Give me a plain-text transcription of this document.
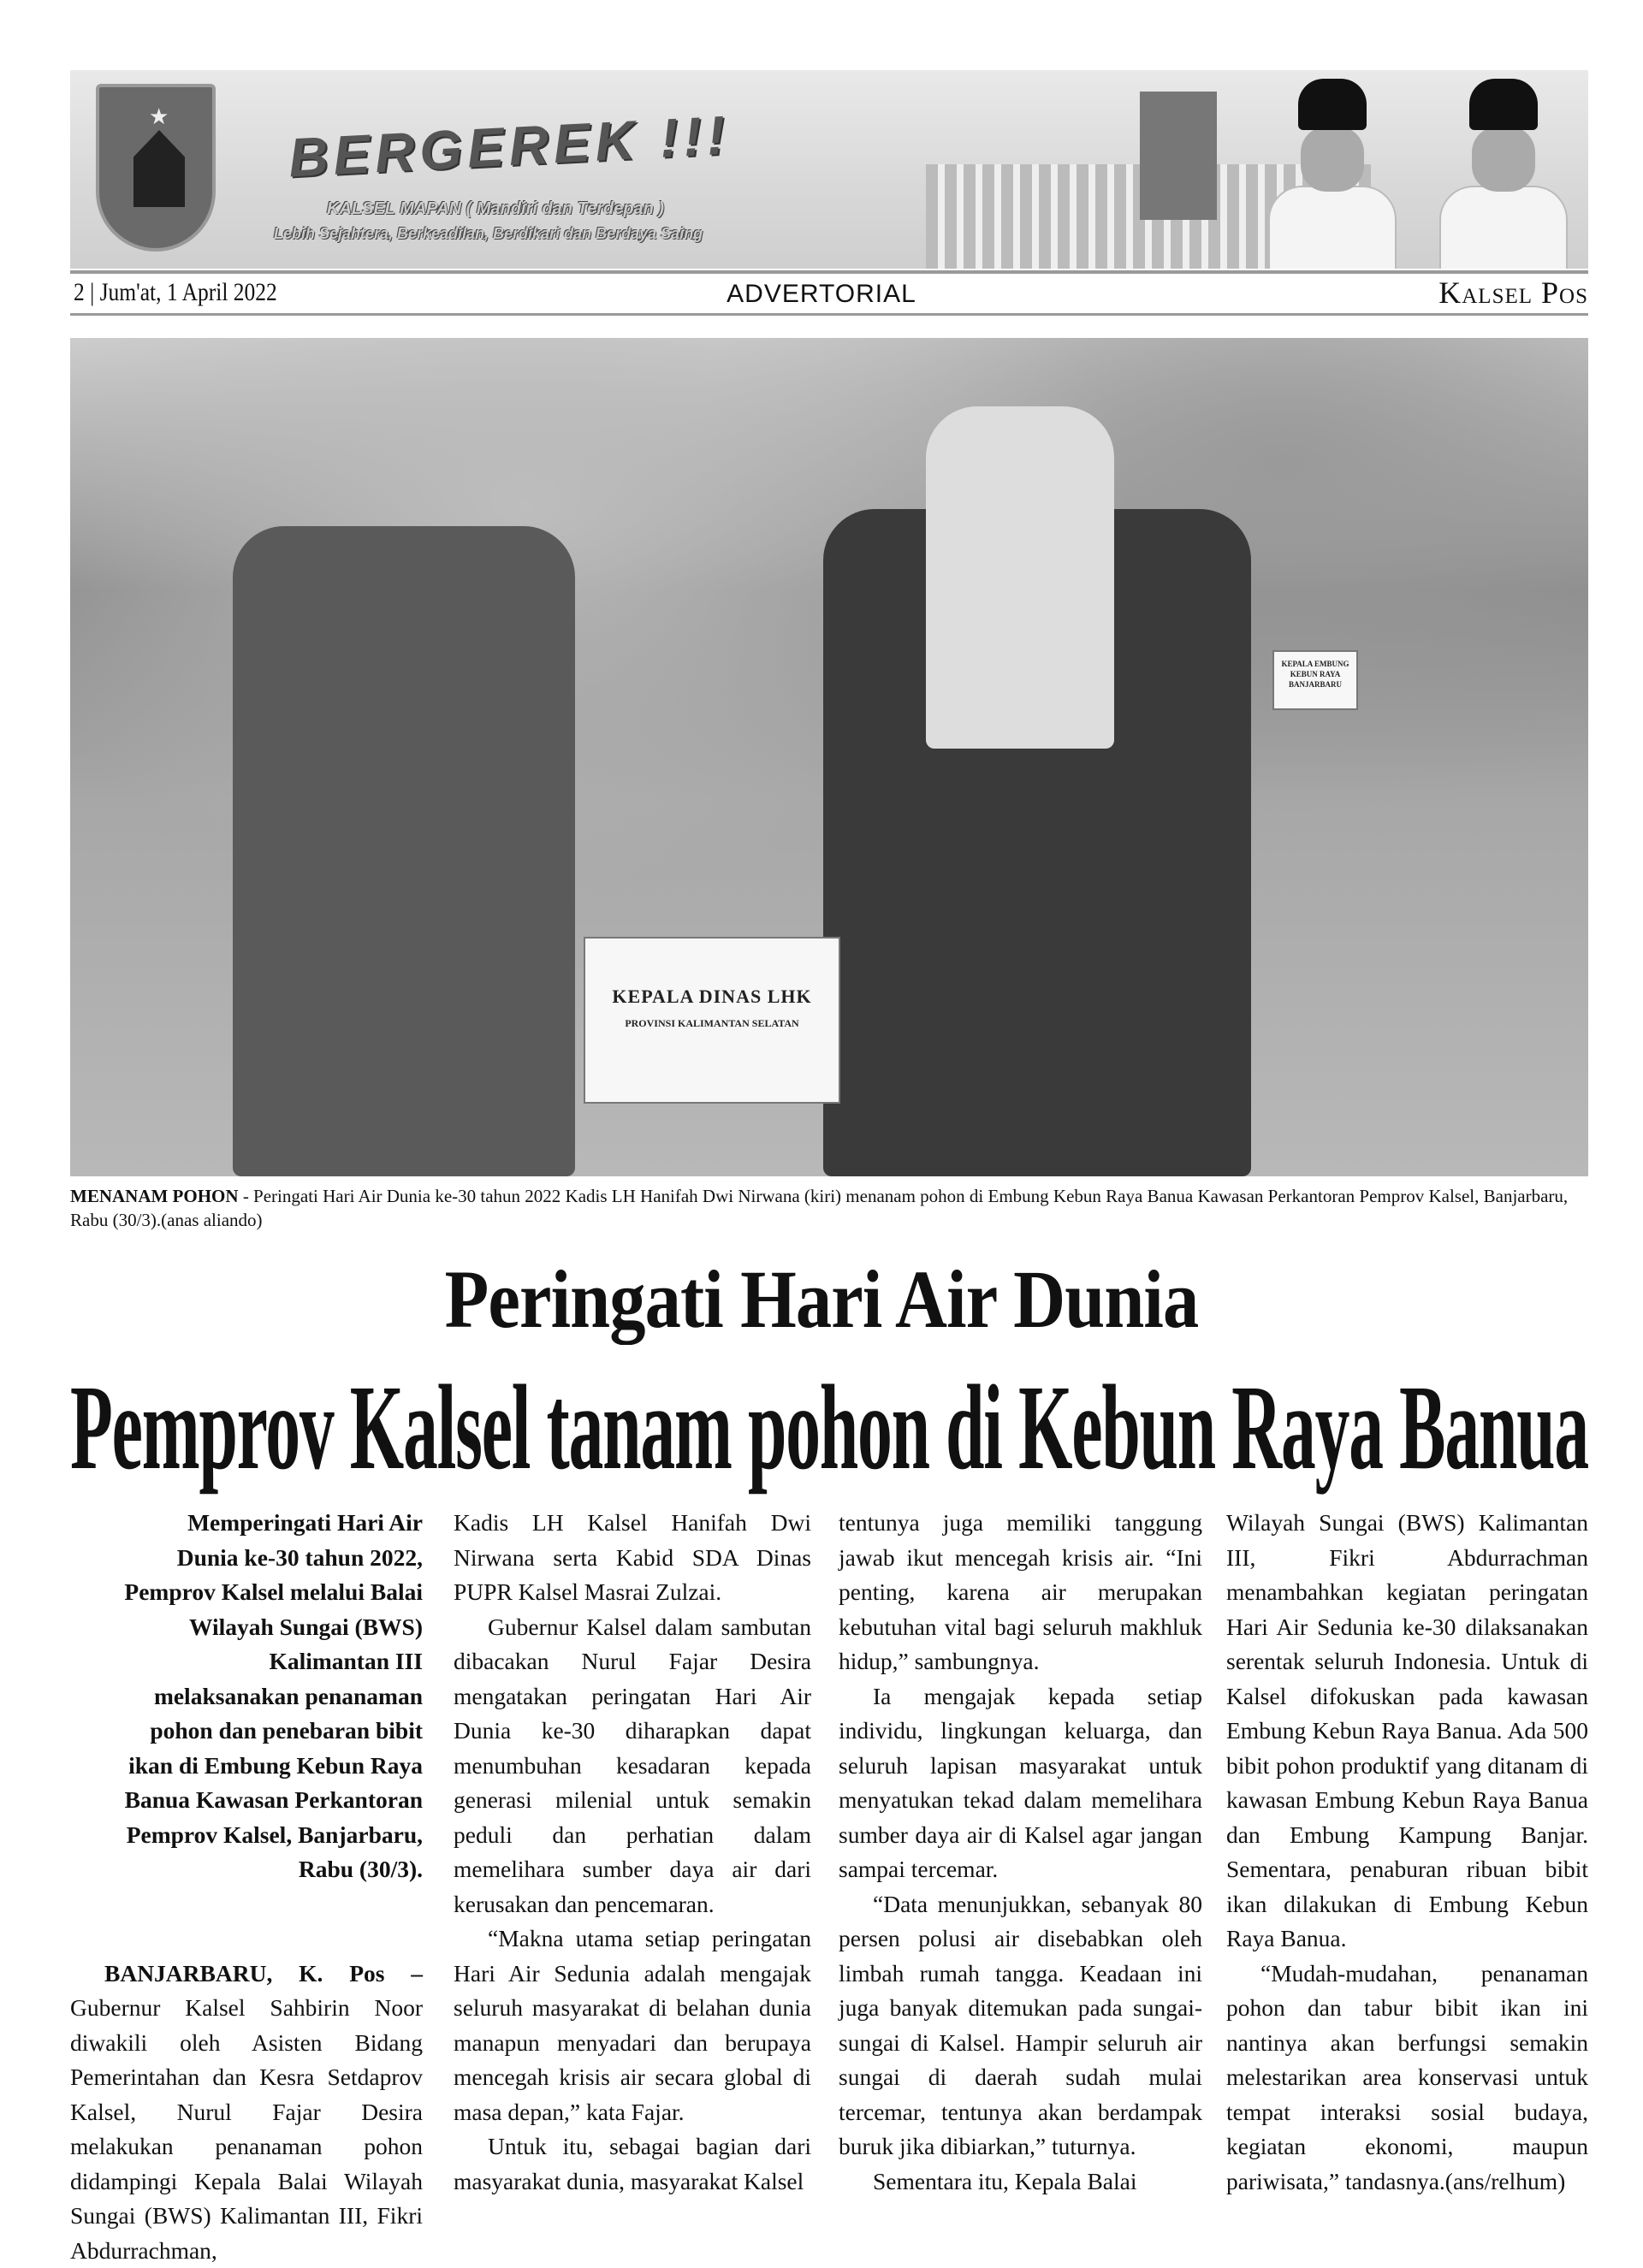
★ BERGEREK !!!
KALSEL MAPAN ( Mandiri dan Terdepan )
Lebih Sejahtera, Berkeadilan, Berdikari dan Berdaya Saing
2 | Jum'at, 1 April 2022	ADVERTORIAL	Kalsel Pos
KEPALA DINAS LHK
PROVINSI KALIMANTAN SELATAN
KEPALA EMBUNG KEBUN RAYA BANJARBARU
MENANAM POHON - Peringati Hari Air Dunia ke-30 tahun 2022 Kadis LH Hanifah Dwi Nirwana (kiri) menanam pohon di Embung Kebun Raya Banua Kawasan Perkantoran Pemprov Kalsel, Banjarbaru, Rabu (30/3).(anas aliando)
Peringati Hari Air Dunia
Pemprov Kalsel tanam pohon di Kebun Raya Banua

Memperingati Hari Air Dunia ke-30 tahun 2022, Pemprov Kalsel melalui Balai Wilayah Sungai (BWS) Kalimantan III melaksanakan penanaman pohon dan penebaran bibit ikan di Embung Kebun Raya Banua Kawasan Perkantoran Pemprov Kalsel, Banjarbaru, Rabu (30/3).

BANJARBARU, K. Pos – Gubernur Kalsel Sahbirin Noor diwakili oleh Asisten Bidang Pemerintahan dan Kesra Setdaprov Kalsel, Nurul Fajar Desira melakukan penanaman pohon didampingi Kepala Balai Wilayah Sungai (BWS) Kalimantan III, Fikri Abdurrachman,

Kadis LH Kalsel Hanifah Dwi Nirwana serta Kabid SDA Dinas PUPR Kalsel Masrai Zulzai.

Gubernur Kalsel dalam sambutan dibacakan Nurul Fajar Desira mengatakan peringatan Hari Air Dunia ke-30 diharapkan dapat menumbuhan kesadaran kepada generasi milenial untuk semakin peduli dan perhatian dalam memelihara sumber daya air dari kerusakan dan pencemaran.

“Makna utama setiap peringatan Hari Air Sedunia adalah mengajak seluruh masyarakat di belahan dunia manapun menyadari dan berupaya mencegah krisis air secara global di masa depan,” kata Fajar.

Untuk itu, sebagai bagian dari masyarakat dunia, masyarakat Kalsel

tentunya juga memiliki tanggung jawab ikut mencegah krisis air. “Ini penting, karena air merupakan kebutuhan vital bagi seluruh makhluk hidup,” sambungnya.

Ia mengajak kepada setiap individu, lingkungan keluarga, dan seluruh lapisan masyarakat untuk menyatukan tekad dalam memelihara sumber daya air di Kalsel agar jangan sampai tercemar.

“Data menunjukkan, sebanyak 80 persen polusi air disebabkan oleh limbah rumah tangga. Keadaan ini juga banyak ditemukan pada sungai-sungai di Kalsel. Hampir seluruh air sungai di daerah sudah mulai tercemar, tentunya akan berdampak buruk jika dibiarkan,” tuturnya.

Sementara itu, Kepala Balai

Wilayah Sungai (BWS) Kalimantan III, Fikri Abdurrachman menambahkan kegiatan peringatan Hari Air Sedunia ke-30 dilaksanakan serentak seluruh Indonesia. Untuk di Kalsel difokuskan pada kawasan Embung Kebun Raya Banua. Ada 500 bibit pohon produktif yang ditanam di kawasan Embung Kebun Raya Banua dan Embung Kampung Banjar. Sementara, penaburan ribuan bibit ikan dilakukan di Embung Kebun Raya Banua.

“Mudah-mudahan, penanaman pohon dan tabur bibit ikan ini nantinya akan berfungsi semakin melestarikan area konservasi untuk tempat interaksi sosial budaya, kegiatan ekonomi, maupun pariwisata,” tandasnya.(ans/relhum)
